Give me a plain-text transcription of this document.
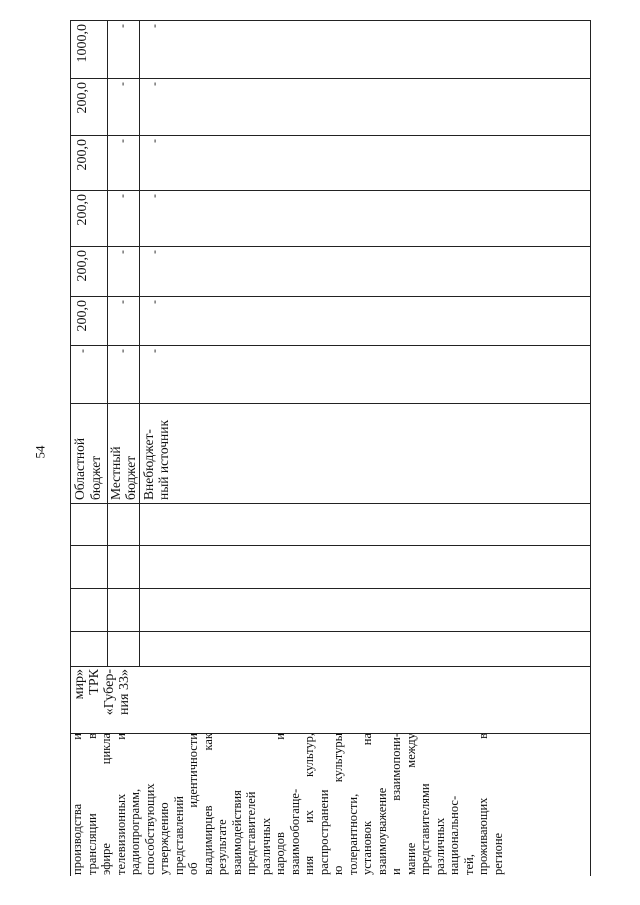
54
производства и трансляции в эфире цикла телевизионных и радиопрограмм, способствующих утверждению представлений об идентичности владимирцев как результате взаимодействия представителей различных народов и взаимообогаще- ния их культур, распространени ю культуры толерантности, установок на взаимоуважение и взаимопони- мание между представителями различных национальнос- тей, проживающих в регионе
мир» ТРК «Губер- ния 33»
Областной бюджет Местный бюджет Внебюджет- ный источник
-
200,0
200,0
200,0
200,0
200,0
1000,0
-
-
-
-
-
-
-
-
-
-
-
-
-
-
